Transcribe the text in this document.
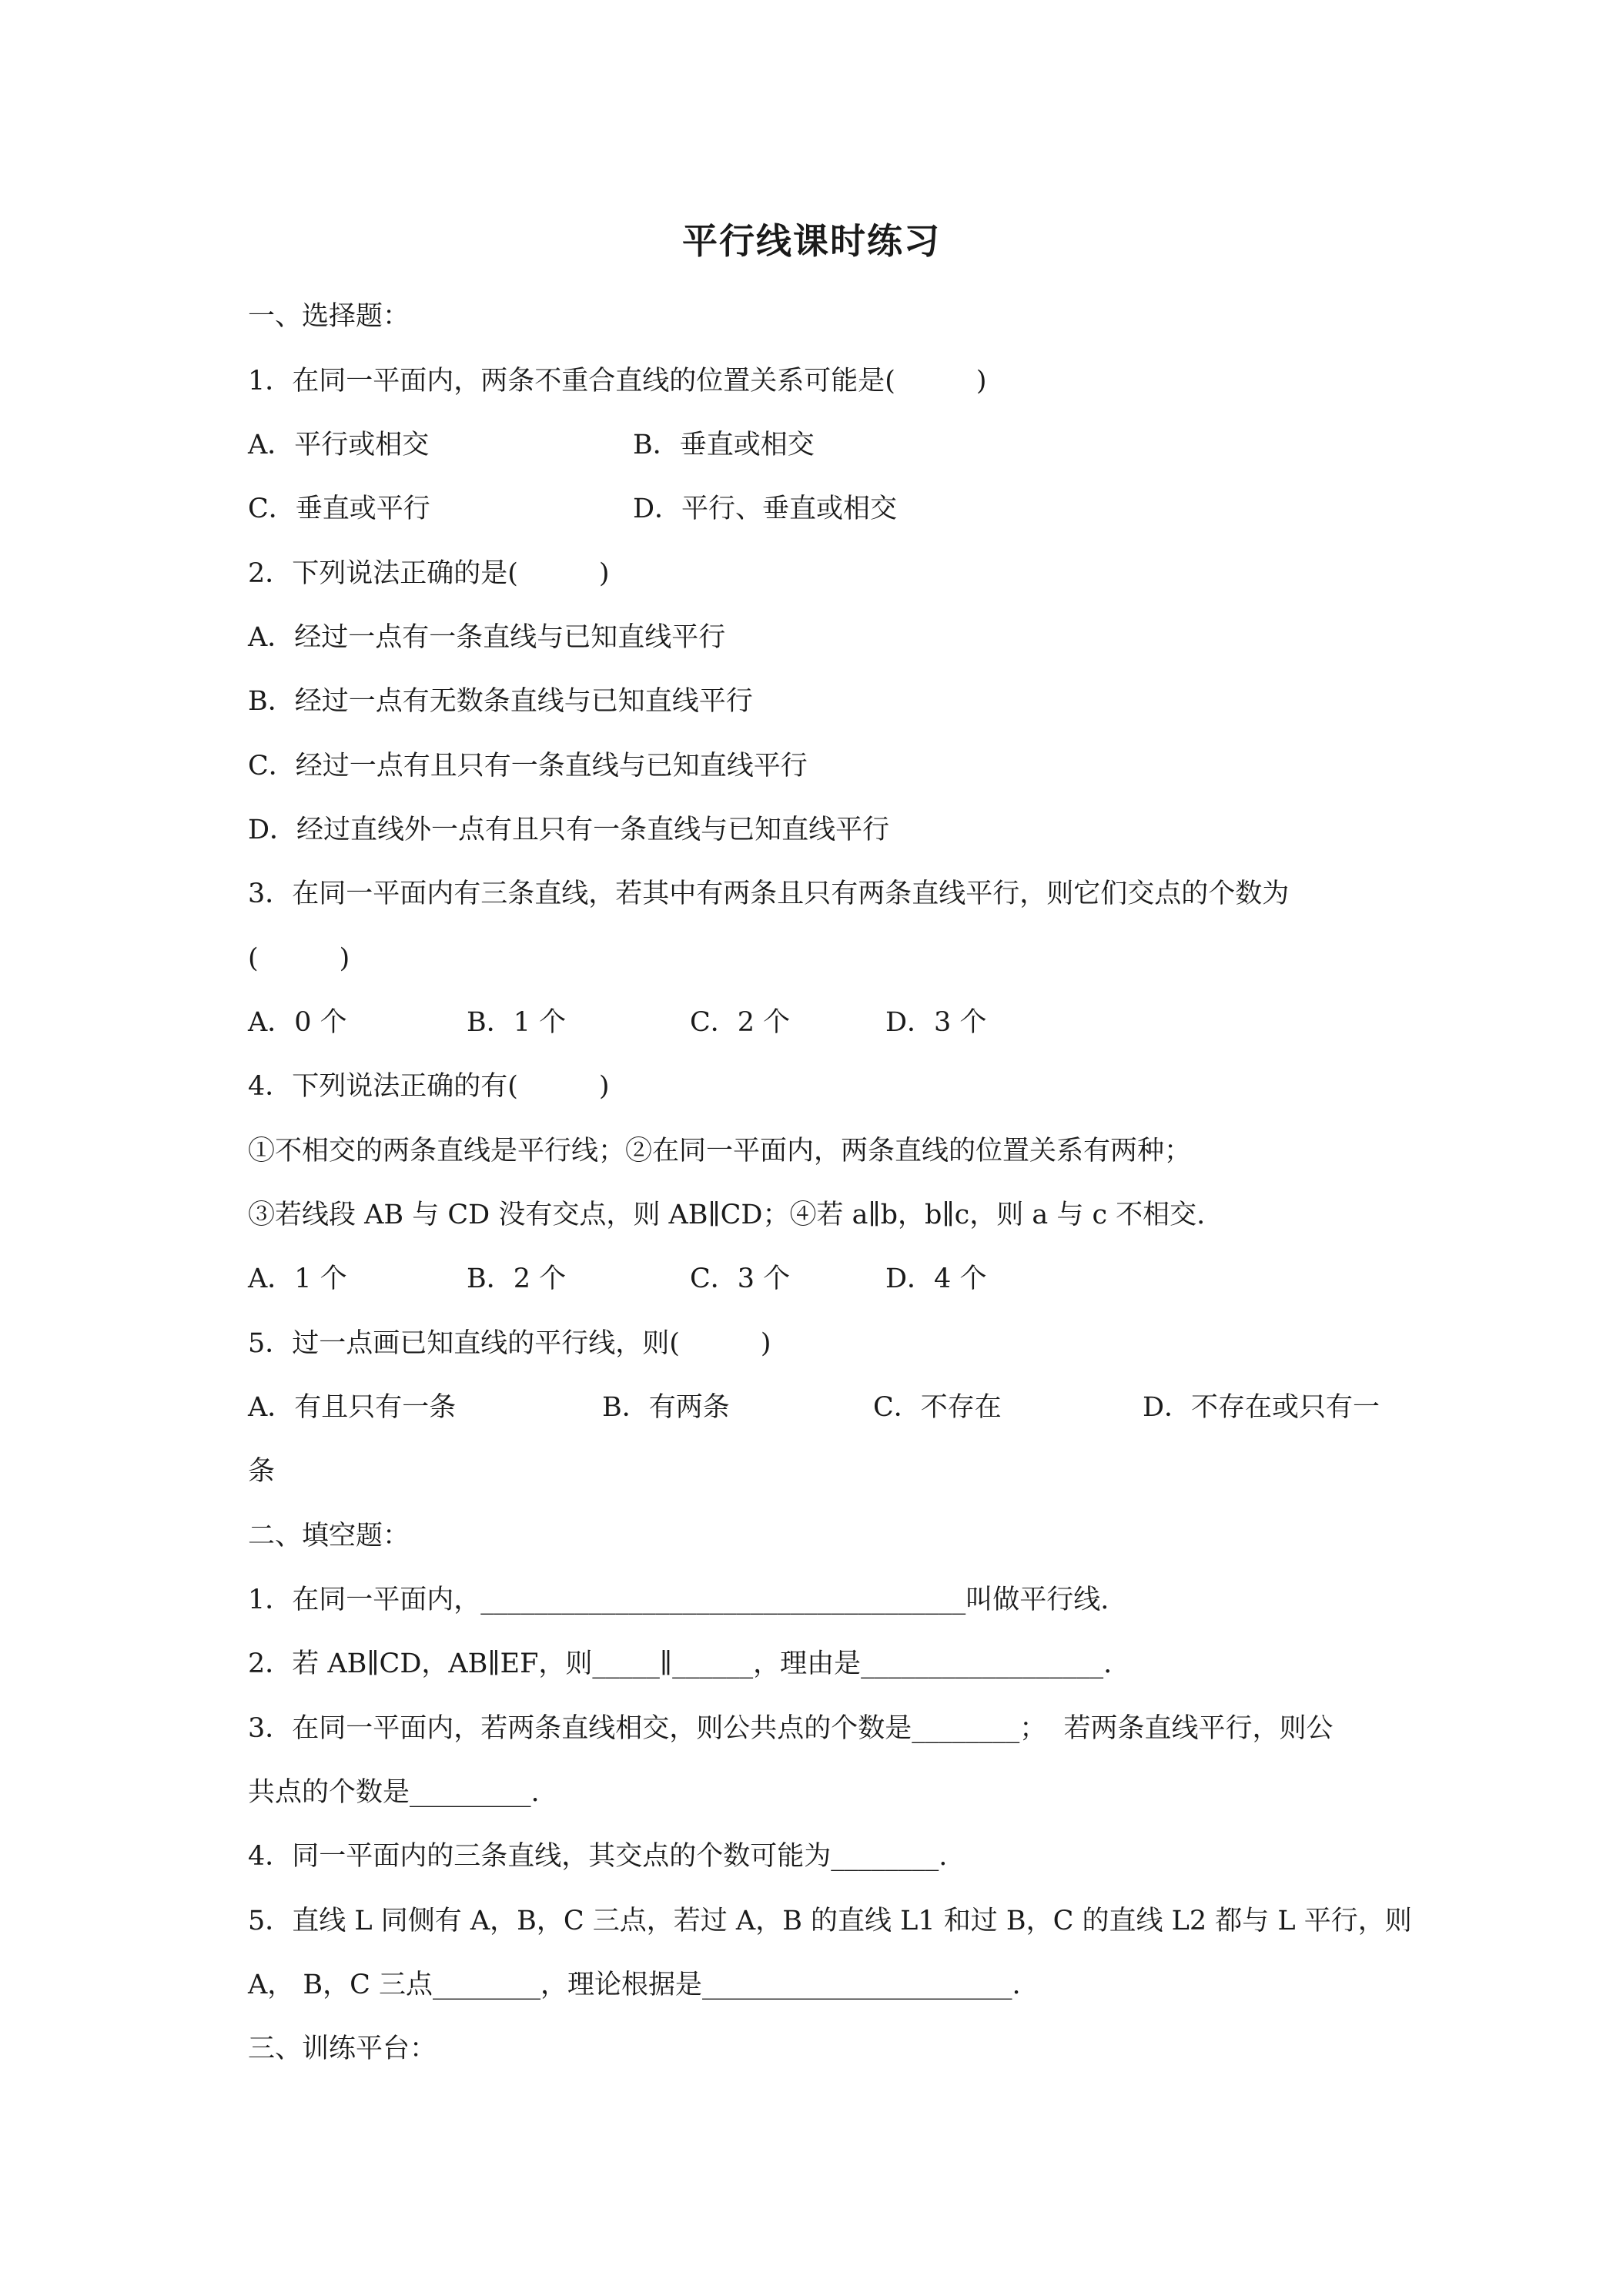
平行线课时练习
一、选择题：
1．在同一平面内，两条不重合直线的位置关系可能是(　　　)
A．平行或相交	B．垂直或相交
C．垂直或平行	D．平行、垂直或相交
2．下列说法正确的是(　　　)
A．经过一点有一条直线与已知直线平行
B．经过一点有无数条直线与已知直线平行
C．经过一点有且只有一条直线与已知直线平行
D．经过直线外一点有且只有一条直线与已知直线平行
3．在同一平面内有三条直线，若其中有两条且只有两条直线平行，则它们交点的个数为
(　　　)
A．0 个	B．1 个	C．2 个	D．3 个
4．下列说法正确的有(　　　)
①不相交的两条直线是平行线；②在同一平面内，两条直线的位置关系有两种；
③若线段 AB 与 CD 没有交点，则 AB∥CD；④若 a∥b，b∥c，则 a 与 c 不相交.
A．1 个	B．2 个	C．3 个	D．4 个
5．过一点画已知直线的平行线，则(　　　)
A．有且只有一条	B．有两条	C．不存在	D．不存在或只有一
条
二、填空题：
1．在同一平面内，____________________________________叫做平行线.
2．若 AB∥CD，AB∥EF，则_____∥______，理由是__________________.
3．在同一平面内，若两条直线相交，则公共点的个数是________；  若两条直线平行，则公
共点的个数是_________.
4．同一平面内的三条直线，其交点的个数可能为________.
5．直线 L 同侧有 A，B，C 三点，若过 A，B 的直线 L1 和过 B，C 的直线 L2 都与 L 平行，则
A， B，C 三点________，理论根据是_______________________.
三、训练平台：
